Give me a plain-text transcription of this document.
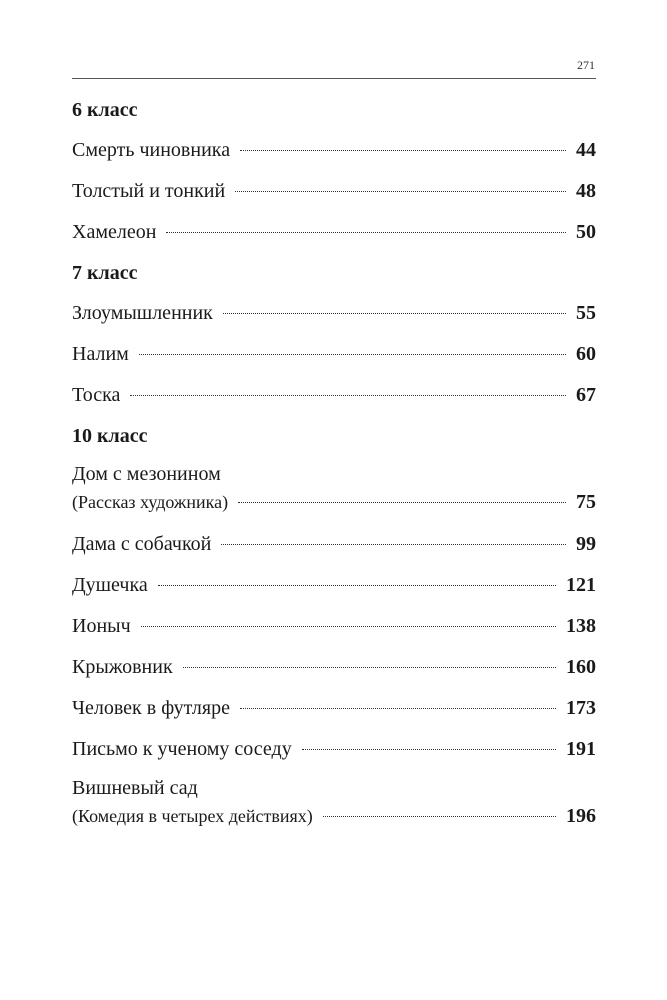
271
6 класс
Смерть чиновника	44
Толстый и тонкий	48
Хамелеон	50
7 класс
Злоумышленник	55
Налим	60
Тоска	67
10 класс
Дом с мезонином
(Рассказ художника)	75
Дама с собачкой	99
Душечка	121
Ионыч	138
Крыжовник	160
Человек в футляре	173
Письмо к ученому соседу	191
Вишневый сад
(Комедия в четырех действиях)	196
